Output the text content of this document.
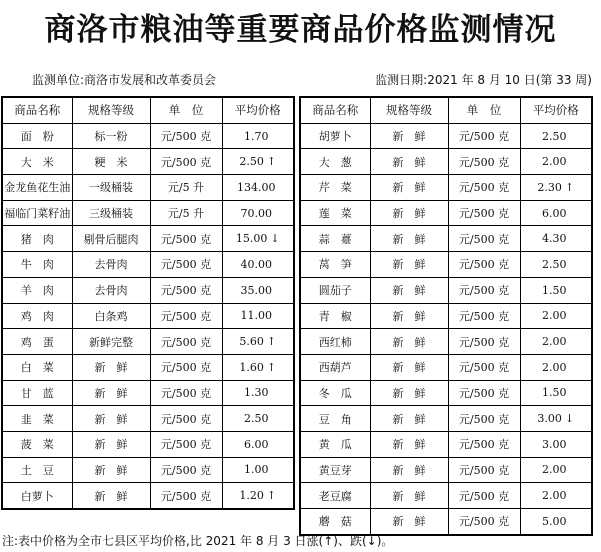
商洛市粮油等重要商品价格监测情况
监测单位:商洛市发展和改革委员会	监测日期:2021 年 8 月 10 日(第 33 周)
商品名称	规格等级	单　位	平均价格
面　粉	标一粉	元/500 克	1.70
大　米	粳　米	元/500 克	2.50 ↑
金龙鱼花生油	一级桶装	元/5 升	134.00
福临门菜籽油	三级桶装	元/5 升	70.00
猪　肉	剔骨后腿肉	元/500 克	15.00 ↓
牛　肉	去骨肉	元/500 克	40.00
羊　肉	去骨肉	元/500 克	35.00
鸡　肉	白条鸡	元/500 克	11.00
鸡　蛋	新鲜完整	元/500 克	5.60 ↑
白　菜	新　鲜	元/500 克	1.60 ↑
甘　蓝	新　鲜	元/500 克	1.30
韭　菜	新　鲜	元/500 克	2.50
菠　菜	新　鲜	元/500 克	6.00
土　豆	新　鲜	元/500 克	1.00
白萝卜	新　鲜	元/500 克	1.20 ↑
商品名称	规格等级	单　位	平均价格
胡萝卜	新　鲜	元/500 克	2.50
大　葱	新　鲜	元/500 克	2.00
芹　菜	新　鲜	元/500 克	2.30 ↑
莲　菜	新　鲜	元/500 克	6.00
蒜　薹	新　鲜	元/500 克	4.30
莴　笋	新　鲜	元/500 克	2.50
圆茄子	新　鲜	元/500 克	1.50
青　椒	新　鲜	元/500 克	2.00
西红柿	新　鲜	元/500 克	2.00
西葫芦	新　鲜	元/500 克	2.00
冬　瓜	新　鲜	元/500 克	1.50
豆　角	新　鲜	元/500 克	3.00 ↓
黄　瓜	新　鲜	元/500 克	3.00
黄豆芽	新　鲜	元/500 克	2.00
老豆腐	新　鲜	元/500 克	2.00
蘑　菇	新　鲜	元/500 克	5.00
注:表中价格为全市七县区平均价格,比 2021 年 8 月 3 日涨(↑)、跌(↓)。
